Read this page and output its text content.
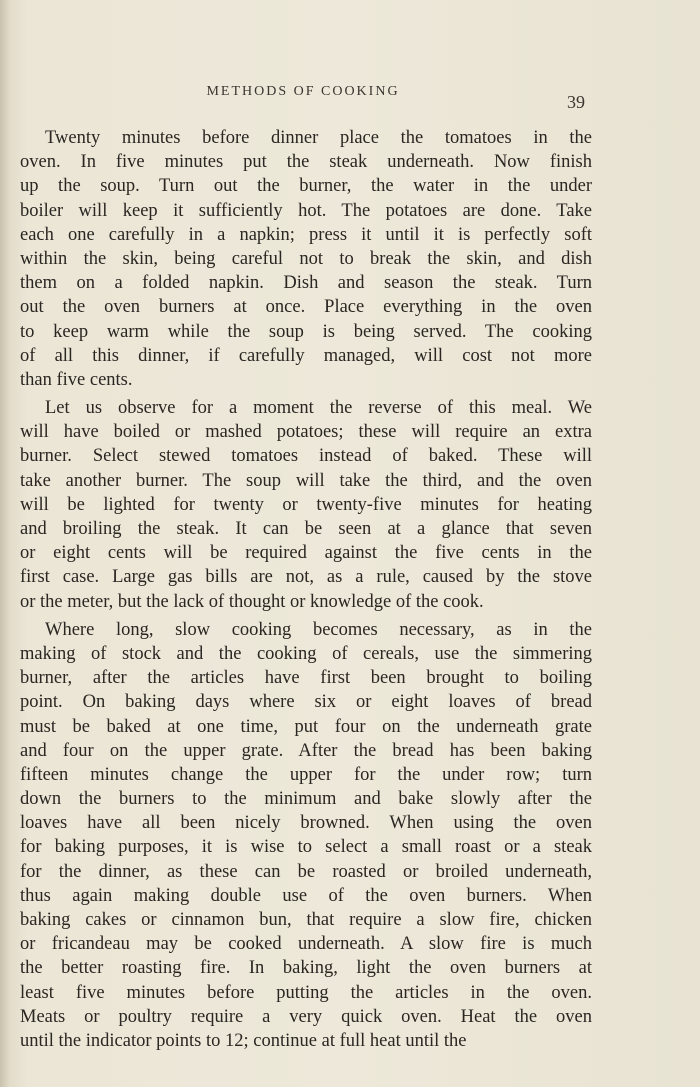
METHODS OF COOKING
39
Twenty minutes before dinner place the tomatoes in the
oven. In five minutes put the steak underneath. Now finish
up the soup. Turn out the burner, the water in the under
boiler will keep it sufficiently hot. The potatoes are done. Take
each one carefully in a napkin; press it until it is perfectly soft
within the skin, being careful not to break the skin, and dish
them on a folded napkin. Dish and season the steak. Turn
out the oven burners at once. Place everything in the oven
to keep warm while the soup is being served. The cooking
of all this dinner, if carefully managed, will cost not more
than five cents.
Let us observe for a moment the reverse of this meal. We
will have boiled or mashed potatoes; these will require an extra
burner. Select stewed tomatoes instead of baked. These will
take another burner. The soup will take the third, and the oven
will be lighted for twenty or twenty-five minutes for heating
and broiling the steak. It can be seen at a glance that seven
or eight cents will be required against the five cents in the
first case. Large gas bills are not, as a rule, caused by the stove
or the meter, but the lack of thought or knowledge of the cook.
Where long, slow cooking becomes necessary, as in the
making of stock and the cooking of cereals, use the simmering
burner, after the articles have first been brought to boiling
point. On baking days where six or eight loaves of bread
must be baked at one time, put four on the underneath grate
and four on the upper grate. After the bread has been baking
fifteen minutes change the upper for the under row; turn
down the burners to the minimum and bake slowly after the
loaves have all been nicely browned. When using the oven
for baking purposes, it is wise to select a small roast or a steak
for the dinner, as these can be roasted or broiled underneath,
thus again making double use of the oven burners. When
baking cakes or cinnamon bun, that require a slow fire, chicken
or fricandeau may be cooked underneath. A slow fire is much
the better roasting fire. In baking, light the oven burners at
least five minutes before putting the articles in the oven.
Meats or poultry require a very quick oven. Heat the oven
until the indicator points to 12; continue at full heat until the
